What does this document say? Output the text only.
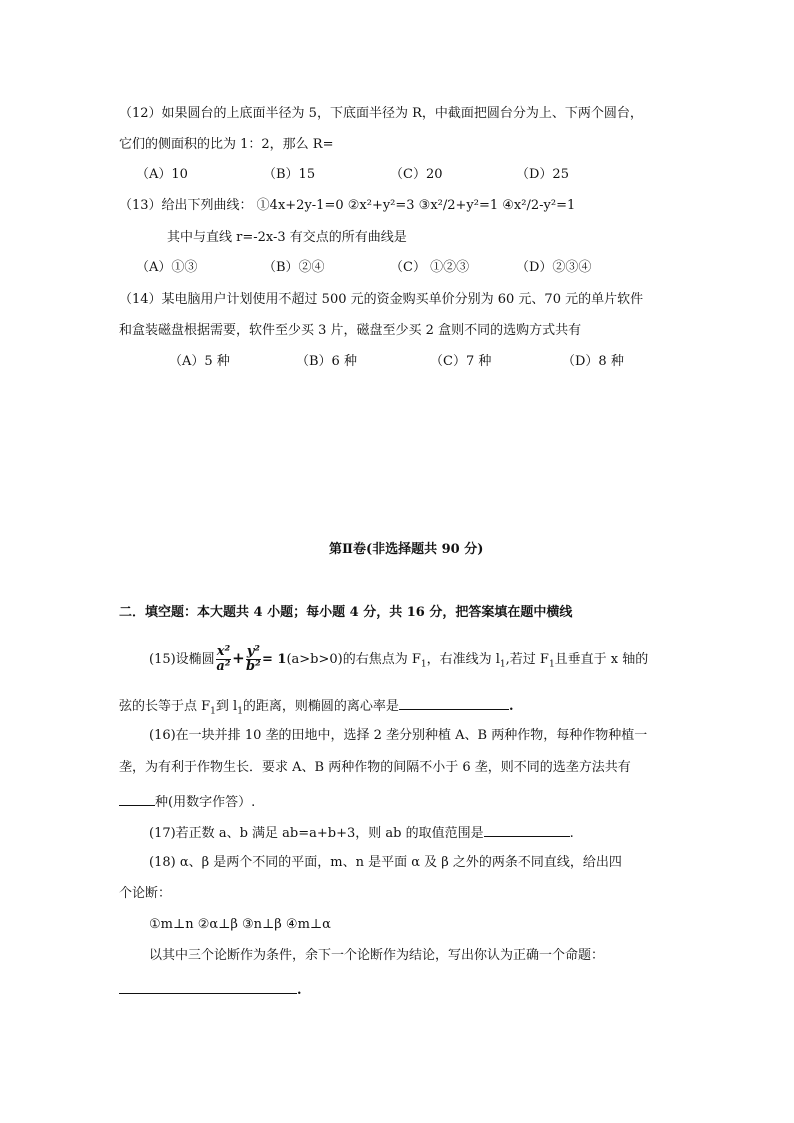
（12）如果圆台的上底面半径为 5，下底面半径为 R，中截面把圆台分为上、下两个圆台，
它们的侧面积的比为 1：2，那么 R=
（A）10	（B）15	（C）20	（D）25
（13）给出下列曲线： ①4x+2y-1=0 ②x²+y²=3 ③x²/2+y²=1 ④x²/2-y²=1
其中与直线 r=-2x-3 有交点的所有曲线是
（A）①③	（B）②④	（C） ①②③	（D）②③④
（14）某电脑用户计划使用不超过 500 元的资金购买单价分别为 60 元、70 元的单片软件
和盒装磁盘根据需要，软件至少买 3 片，磁盘至少买 2 盒则不同的选购方式共有
（A）5 种	（B）6 种	（C）7 种	（D）8 种
第Ⅱ卷(非选择题共 90 分)
二．填空题：本大题共 4 小题；每小题 4 分，共 16 分，把答案填在题中横线
(15)设椭圆 $\frac{\text{x²}}{\text{a²}} + \frac{\text{y²}}{\text{b²}} = 1(a>b>0)$的右焦点为 $F_1$，右准线为 $l_1$,若过 $F_1$且垂直于 x 轴的
弦的长等于点 $F_1$到 $l_1$的距离，则椭圆的离心率是	.
(16)在一块并排 10 垄的田地中，选择 2 垄分别种植 A、B 两种作物，每种作物种植一
垄，为有利于作物生长．要求 A、B 两种作物的间隔不小于 6 垄，则不同的选垄方法共有
种(用数字作答）.
(17)若正数 a、b 满足 ab=a+b+3，则 ab 的取值范围是	.
(18) α、β 是两个不同的平面，m、n 是平面 α 及 β 之外的两条不同直线，给出四
个论断：
①m⊥n ②α⊥β ③n⊥β ④m⊥α
以其中三个论断作为条件，余下一个论断作为结论，写出你认为正确一个命题：
.
